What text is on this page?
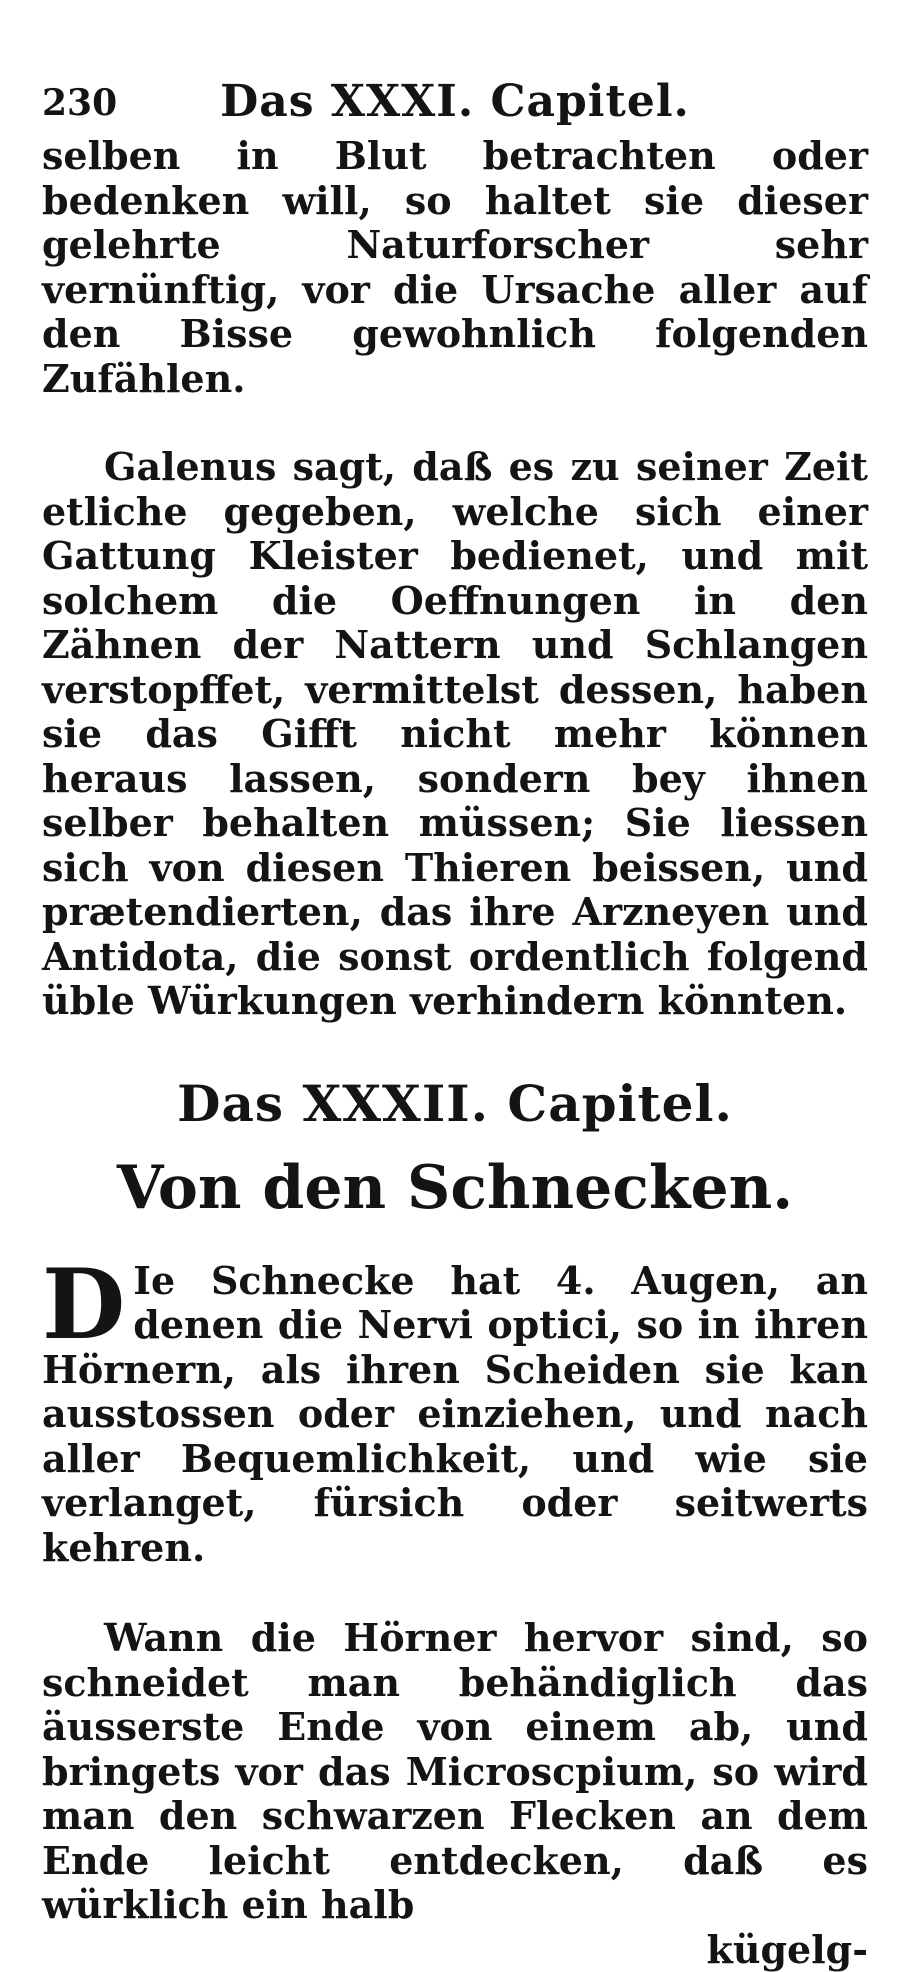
230	Das XXXI. Capitel.

selben in Blut betrachten oder bedenken will, so haltet sie dieser gelehrte Naturforscher sehr vernünftig, vor die Ursache aller auf den Bisse gewohnlich folgenden Zufählen.

Galenus sagt, daß es zu seiner Zeit etliche gegeben, welche sich einer Gattung Kleister bedienet, und mit solchem die Oeffnungen in den Zähnen der Nattern und Schlangen verstopffet, vermittelst dessen, haben sie das Gifft nicht mehr können heraus lassen, sondern bey ihnen selber behalten müssen; Sie liessen sich von diesen Thieren beissen, und prætendierten, das ihre Arzneyen und Antidota, die sonst ordentlich folgend üble Würkungen verhindern könnten.

Das XXXII. Capitel.
Von den Schnecken.

D Ie Schnecke hat 4. Augen, an denen die Nervi optici, so in ihren Hörnern, als ihren Scheiden sie kan ausstossen oder einziehen, und nach aller Bequemlichkeit, und wie sie verlanget, fürsich oder seitwerts kehren.

Wann die Hörner hervor sind, so schneidet man behändiglich das äusserste Ende von einem ab, und bringets vor das Microscpium, so wird man den schwarzen Flecken an dem Ende leicht entdecken, daß es würklich ein halb

kügelg-
